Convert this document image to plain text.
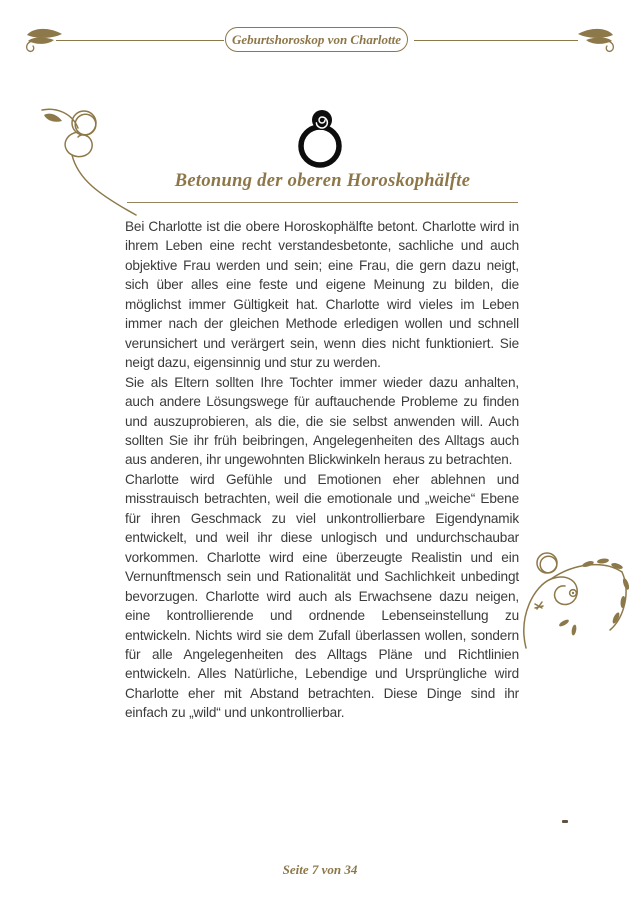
Geburtshoroskop von Charlotte
Betonung der oberen Horoskophälfte

Bei Charlotte ist die obere Horoskophälfte betont. Charlotte wird in ihrem Leben eine recht verstandesbetonte, sachliche und auch objektive Frau werden und sein; eine Frau, die gern dazu neigt, sich über alles eine feste und eigene Meinung zu bilden, die möglichst immer Gültigkeit hat. Charlotte wird vieles im Leben immer nach der gleichen Methode erledigen wollen und schnell verunsichert und verärgert sein, wenn dies nicht funktioniert. Sie neigt dazu, eigensinnig und stur zu werden.

Sie als Eltern sollten Ihre Tochter immer wieder dazu anhalten, auch andere Lösungswege für auftauchende Probleme zu finden und auszuprobieren, als die, die sie selbst anwenden will. Auch sollten Sie ihr früh beibringen, Angelegenheiten des Alltags auch aus anderen, ihr ungewohnten Blickwinkeln heraus zu betrachten.

Charlotte wird Gefühle und Emotionen eher ablehnen und misstrauisch betrachten, weil die emotionale und „weiche“ Ebene für ihren Geschmack zu viel unkontrollierbare Eigendynamik entwickelt, und weil ihr diese unlogisch und undurchschaubar vorkommen. Charlotte wird eine überzeugte Realistin und ein Vernunftmensch sein und Rationalität und Sachlichkeit unbedingt bevorzugen. Charlotte wird auch als Erwachsene dazu neigen, eine kontrollierende und ordnende Lebenseinstellung zu entwickeln. Nichts wird sie dem Zufall überlassen wollen, sondern für alle Angelegenheiten des Alltags Pläne und Richtlinien entwickeln. Alles Natürliche, Lebendige und Ursprüngliche wird Charlotte eher mit Abstand betrachten. Diese Dinge sind ihr einfach zu „wild“ und unkontrollierbar.

Seite 7 von 34
